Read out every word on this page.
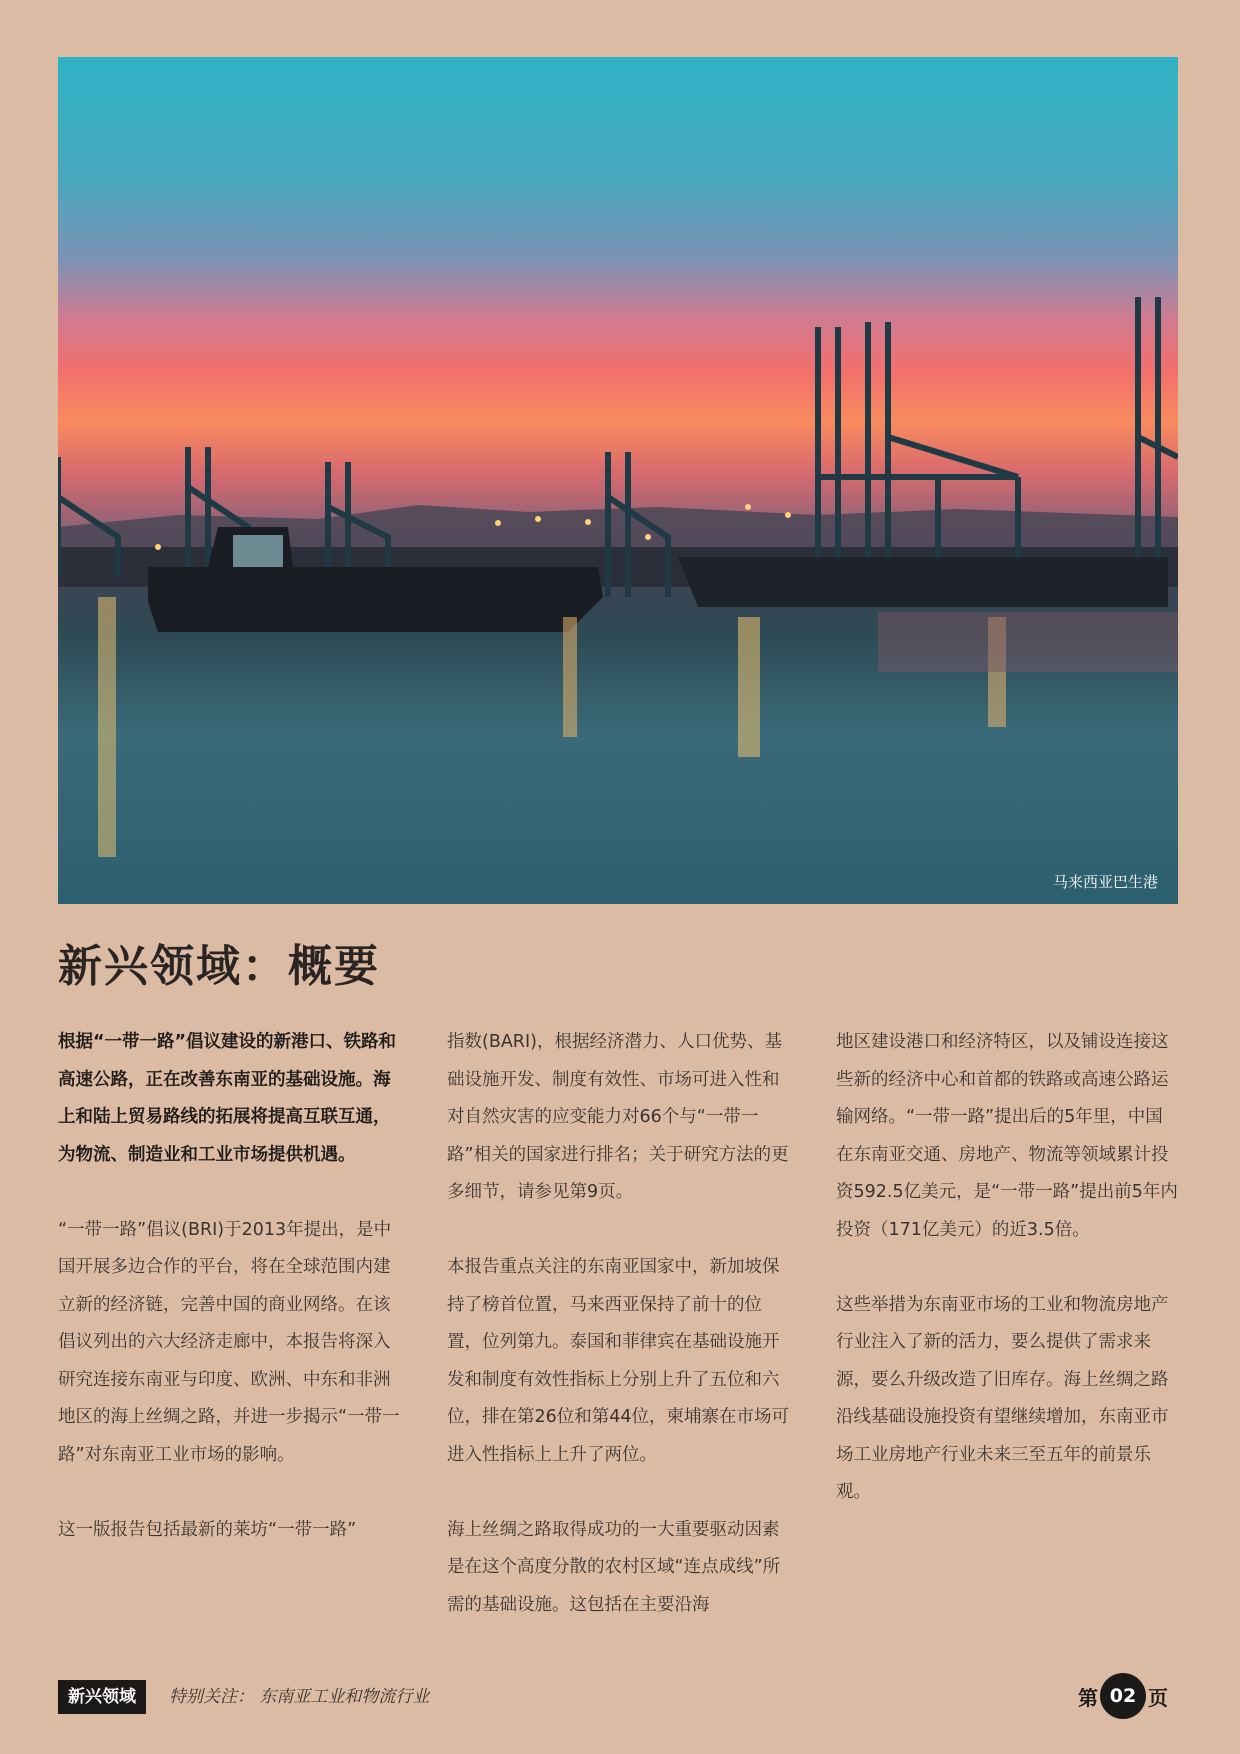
马来西亚巴生港
新兴领域：概要

根据“一带一路”倡议建设的新港口、铁路和高速公路，正在改善东南亚的基础设施。海上和陆上贸易路线的拓展将提高互联互通，为物流、制造业和工业市场提供机遇。

“一带一路”倡议(BRI)于2013年提出，是中国开展多边合作的平台，将在全球范围内建立新的经济链，完善中国的商业网络。在该倡议列出的六大经济走廊中，本报告将深入研究连接东南亚与印度、欧洲、中东和非洲地区的海上丝绸之路，并进一步揭示“一带一路”对东南亚工业市场的影响。

这一版报告包括最新的莱坊“一带一路”

指数(BARI)，根据经济潜力、人口优势、基础设施开发、制度有效性、市场可进入性和对自然灾害的应变能力对66个与“一带一路”相关的国家进行排名；关于研究方法的更多细节，请参见第9页。

本报告重点关注的东南亚国家中，新加坡保持了榜首位置，马来西亚保持了前十的位置，位列第九。泰国和菲律宾在基础设施开发和制度有效性指标上分别上升了五位和六位，排在第26位和第44位，柬埔寨在市场可进入性指标上上升了两位。

海上丝绸之路取得成功的一大重要驱动因素是在这个高度分散的农村区域“连点成线”所需的基础设施。这包括在主要沿海

地区建设港口和经济特区，以及铺设连接这些新的经济中心和首都的铁路或高速公路运输网络。“一带一路”提出后的5年里，中国在东南亚交通、房地产、物流等领域累计投资592.5亿美元，是“一带一路”提出前5年内投资（171亿美元）的近3.5倍。

这些举措为东南亚市场的工业和物流房地产行业注入了新的活力，要么提供了需求来源，要么升级改造了旧库存。海上丝绸之路沿线基础设施投资有望继续增加，东南亚市场工业房地产行业未来三至五年的前景乐观。

新兴领域	特别关注： 东南亚工业和物流行业	第 02 页
